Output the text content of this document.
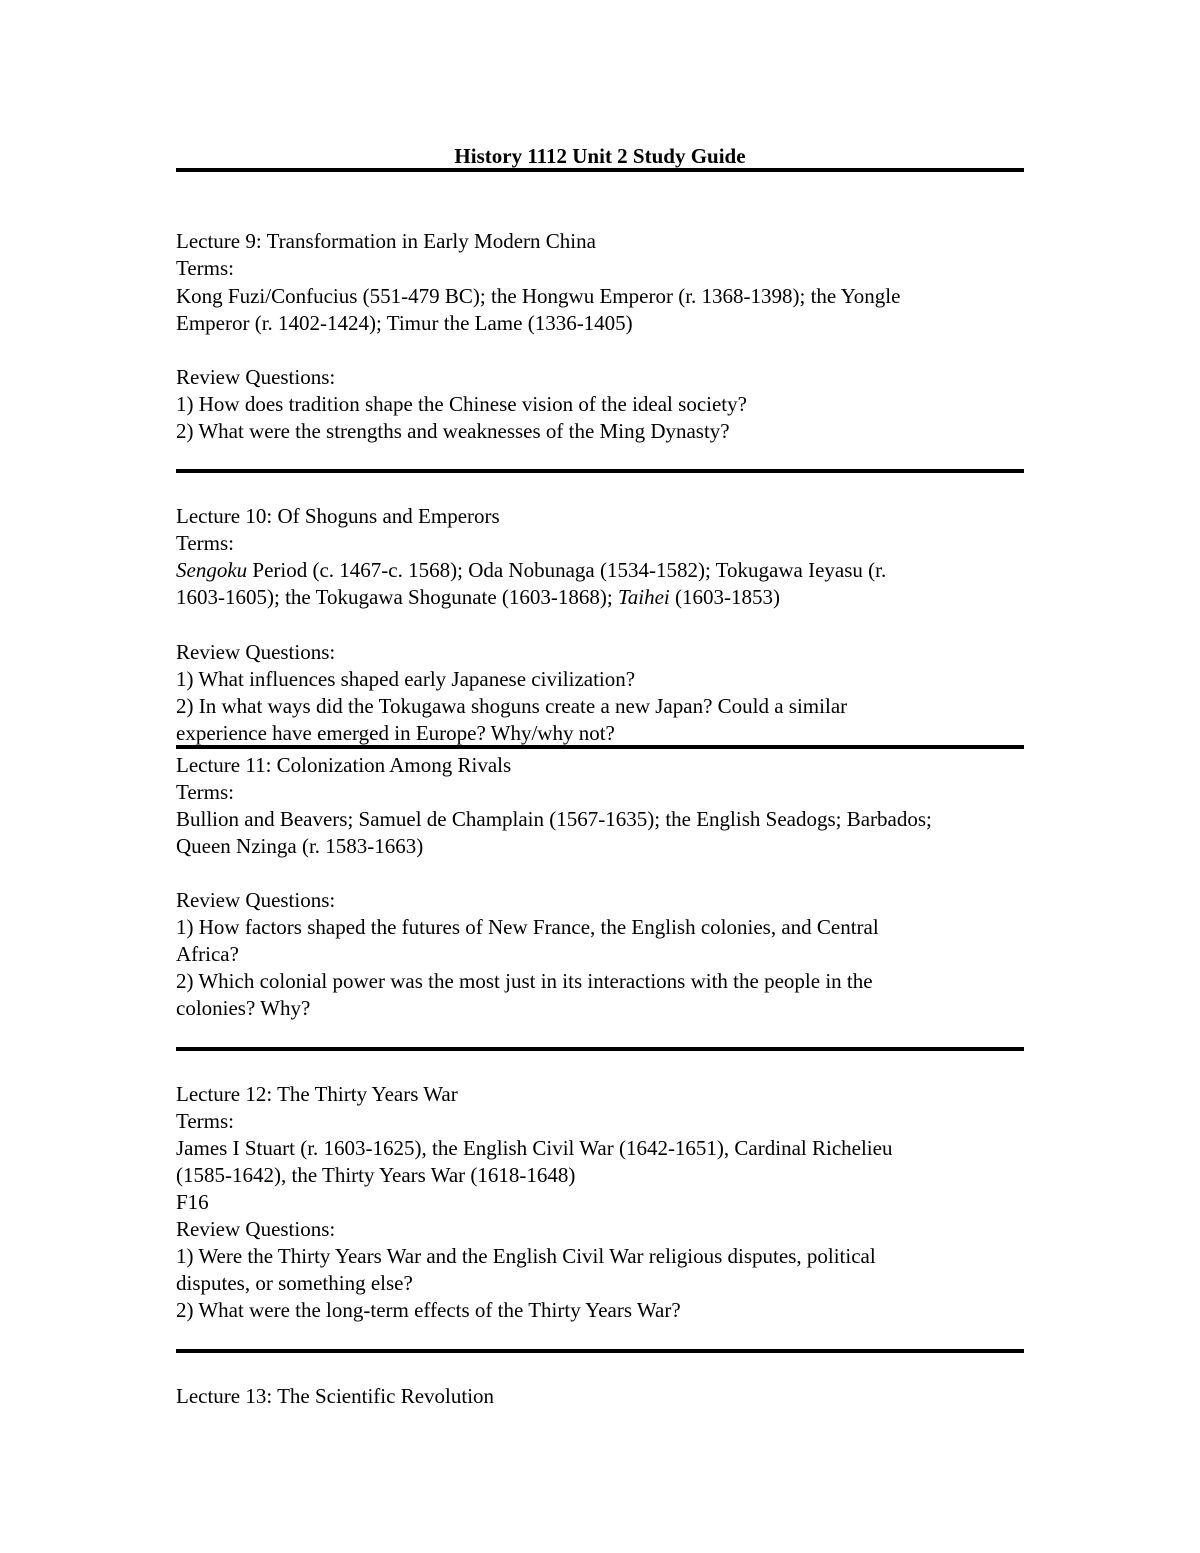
History 1112 Unit 2 Study Guide
Lecture 9: Transformation in Early Modern China
Terms:
Kong Fuzi/Confucius (551-479 BC); the Hongwu Emperor (r. 1368-1398); the Yongle
Emperor (r. 1402-1424); Timur the Lame (1336-1405)
Review Questions:
1) How does tradition shape the Chinese vision of the ideal society?
2) What were the strengths and weaknesses of the Ming Dynasty?
Lecture 10: Of Shoguns and Emperors
Terms:
Sengoku Period (c. 1467-c. 1568); Oda Nobunaga (1534-1582); Tokugawa Ieyasu (r.
1603-1605); the Tokugawa Shogunate (1603-1868); Taihei (1603-1853)
Review Questions:
1) What influences shaped early Japanese civilization?
2) In what ways did the Tokugawa shoguns create a new Japan? Could a similar
experience have emerged in Europe? Why/why not?
Lecture 11: Colonization Among Rivals
Terms:
Bullion and Beavers; Samuel de Champlain (1567-1635); the English Seadogs; Barbados;
Queen Nzinga (r. 1583-1663)
Review Questions:
1) How factors shaped the futures of New France, the English colonies, and Central
Africa?
2) Which colonial power was the most just in its interactions with the people in the
colonies? Why?
Lecture 12: The Thirty Years War
Terms:
James I Stuart (r. 1603-1625), the English Civil War (1642-1651), Cardinal Richelieu
(1585-1642), the Thirty Years War (1618-1648)
F16
Review Questions:
1) Were the Thirty Years War and the English Civil War religious disputes, political
disputes, or something else?
2) What were the long-term effects of the Thirty Years War?
Lecture 13: The Scientific Revolution
